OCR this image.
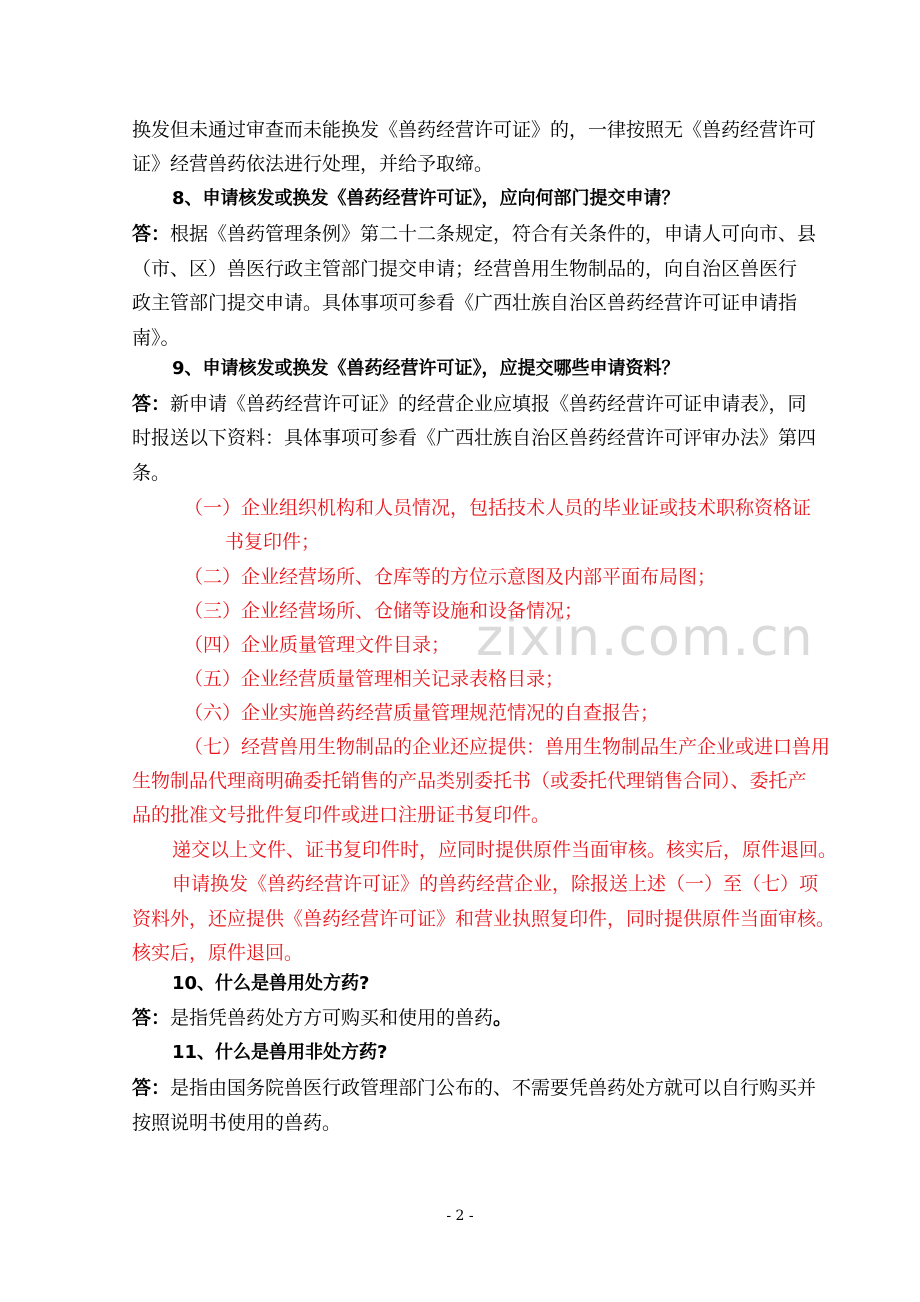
换发但未通过审查而未能换发《兽药经营许可证》的，一律按照无《兽药经营许可
证》经营兽药依法进行处理，并给予取缔。
8、申请核发或换发《兽药经营许可证》，应向何部门提交申请？
答：根据《兽药管理条例》第二十二条规定，符合有关条件的，申请人可向市、县
（市、区）兽医行政主管部门提交申请；经营兽用生物制品的，向自治区兽医行
政主管部门提交申请。具体事项可参看《广西壮族自治区兽药经营许可证申请指
南》。
9、申请核发或换发《兽药经营许可证》，应提交哪些申请资料？
答：新申请《兽药经营许可证》的经营企业应填报《兽药经营许可证申请表》，同
时报送以下资料：具体事项可参看《广西壮族自治区兽药经营许可评审办法》第四
条。
（一）企业组织机构和人员情况，包括技术人员的毕业证或技术职称资格证
书复印件；
（二）企业经营场所、仓库等的方位示意图及内部平面布局图；
（三）企业经营场所、仓储等设施和设备情况；
（四）企业质量管理文件目录；
（五）企业经营质量管理相关记录表格目录；
（六）企业实施兽药经营质量管理规范情况的自查报告；
（七）经营兽用生物制品的企业还应提供：兽用生物制品生产企业或进口兽用
生物制品代理商明确委托销售的产品类别委托书（或委托代理销售合同）、委托产
品的批准文号批件复印件或进口注册证书复印件。
递交以上文件、证书复印件时，应同时提供原件当面审核。核实后，原件退回。
申请换发《兽药经营许可证》的兽药经营企业，除报送上述（一）至（七）项
资料外，还应提供《兽药经营许可证》和营业执照复印件，同时提供原件当面审核。
核实后，原件退回。
10、什么是兽用处方药?
答：是指凭兽药处方方可购买和使用的兽药。
11、什么是兽用非处方药?
答：是指由国务院兽医行政管理部门公布的、不需要凭兽药处方就可以自行购买并
按照说明书使用的兽药。
zixin.com.cn
- 2 -
